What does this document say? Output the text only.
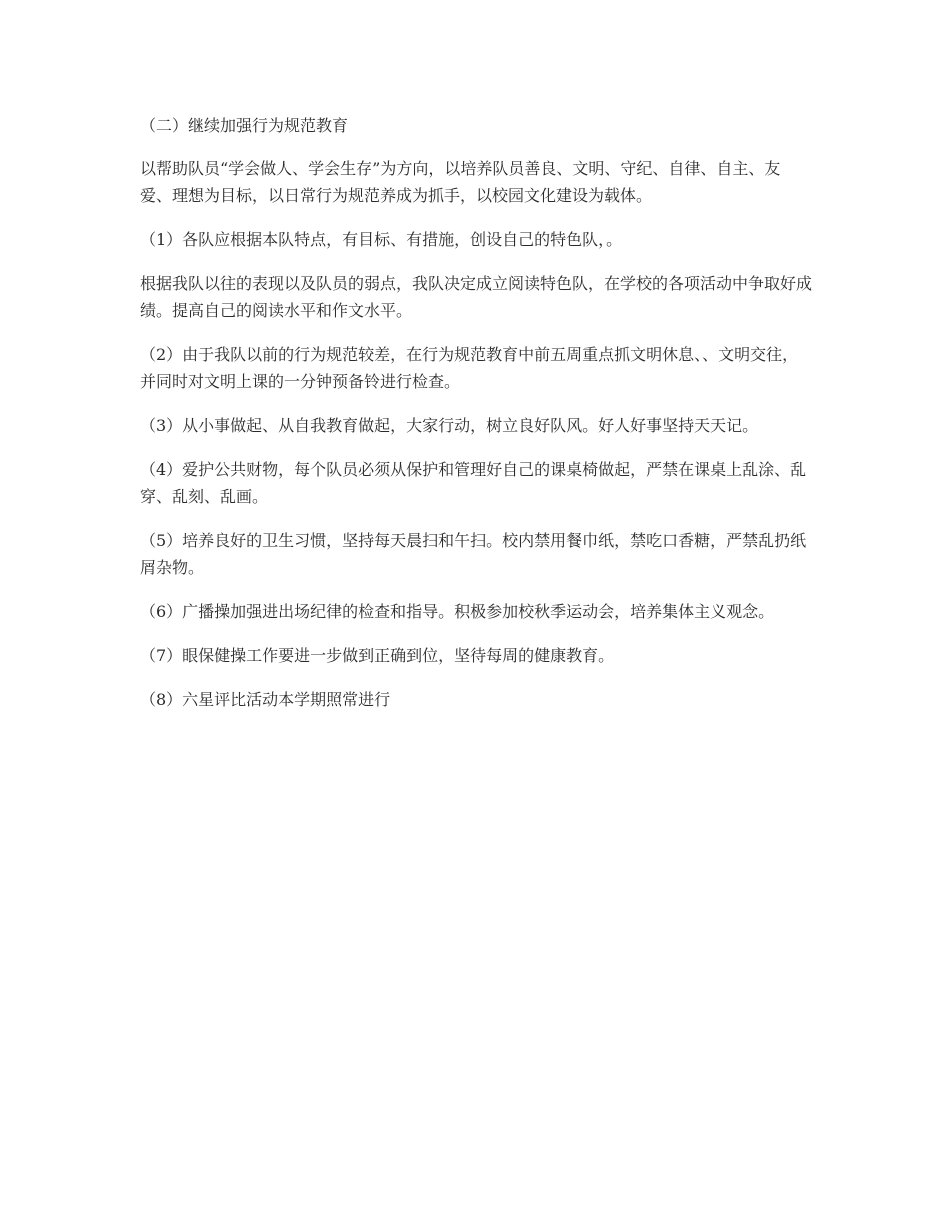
（二）继续加强行为规范教育

以帮助队员“学会做人、学会生存”为方向，以培养队员善良、文明、守纪、自律、自主、友爱、理想为目标，以日常行为规范养成为抓手，以校园文化建设为载体。

（1）各队应根据本队特点，有目标、有措施，创设自己的特色队，。

根据我队以往的表现以及队员的弱点，我队决定成立阅读特色队，在学校的各项活动中争取好成绩。提高自己的阅读水平和作文水平。

（2）由于我队以前的行为规范较差，在行为规范教育中前五周重点抓文明休息、、文明交往，并同时对文明上课的一分钟预备铃进行检查。

（3）从小事做起、从自我教育做起，大家行动，树立良好队风。好人好事坚持天天记。

（4）爱护公共财物，每个队员必须从保护和管理好自己的课桌椅做起，严禁在课桌上乱涂、乱穿、乱刻、乱画。

（5）培养良好的卫生习惯，坚持每天晨扫和午扫。校内禁用餐巾纸，禁吃口香糖，严禁乱扔纸屑杂物。

（6）广播操加强进出场纪律的检查和指导。积极参加校秋季运动会，培养集体主义观念。

（7）眼保健操工作要进一步做到正确到位，坚待每周的健康教育。

（8）六星评比活动本学期照常进行
